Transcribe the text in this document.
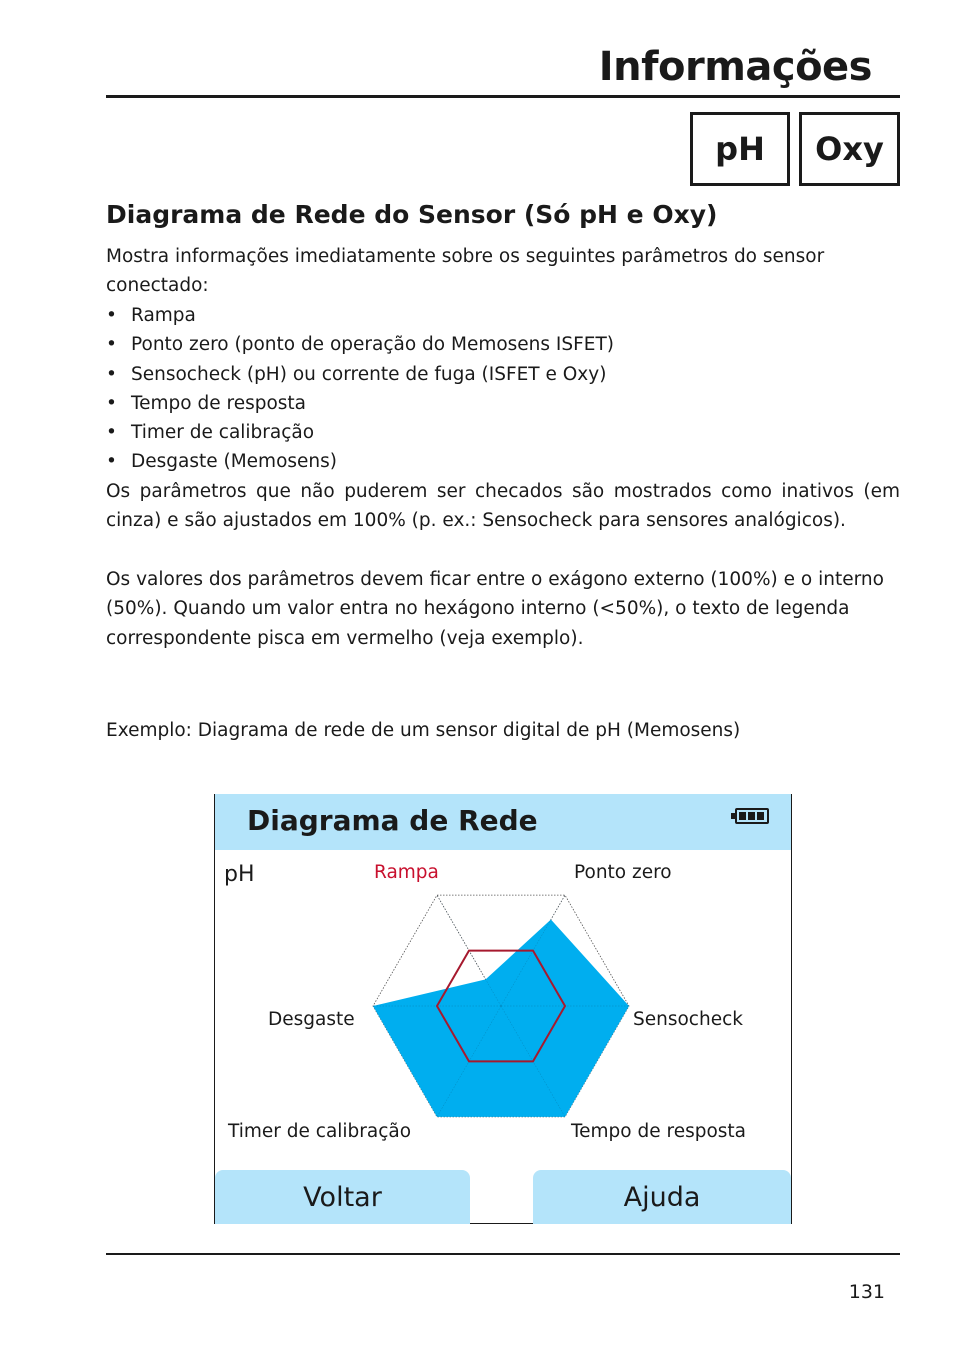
Informações
pH	Oxy
Diagrama de Rede do Sensor (Só pH e Oxy)
Mostra informações imediatamente sobre os seguintes parâmetros do sensor conectado:
• Rampa
• Ponto zero (ponto de operação do Memosens ISFET)
• Sensocheck (pH) ou corrente de fuga (ISFET e Oxy)
• Tempo de resposta
• Timer de calibração
• Desgaste (Memosens)
Os parâmetros que não puderem ser checados são mostrados como inativos (em cinza) e são ajustados em 100% (p. ex.: Sensocheck para sensores analógicos).
Os valores dos parâmetros devem ficar entre o exágono externo (100%) e o interno (50%). Quando um valor entra no hexágono interno (<50%), o texto de legenda correspondente pisca em vermelho (veja exemplo).
Exemplo: Diagrama de rede de um sensor digital de pH (Memosens)
Diagrama de Rede
pH	Rampa	Ponto zero
Desgaste	Sensocheck
Timer de calibração	Tempo de resposta
Voltar	Ajuda
131
